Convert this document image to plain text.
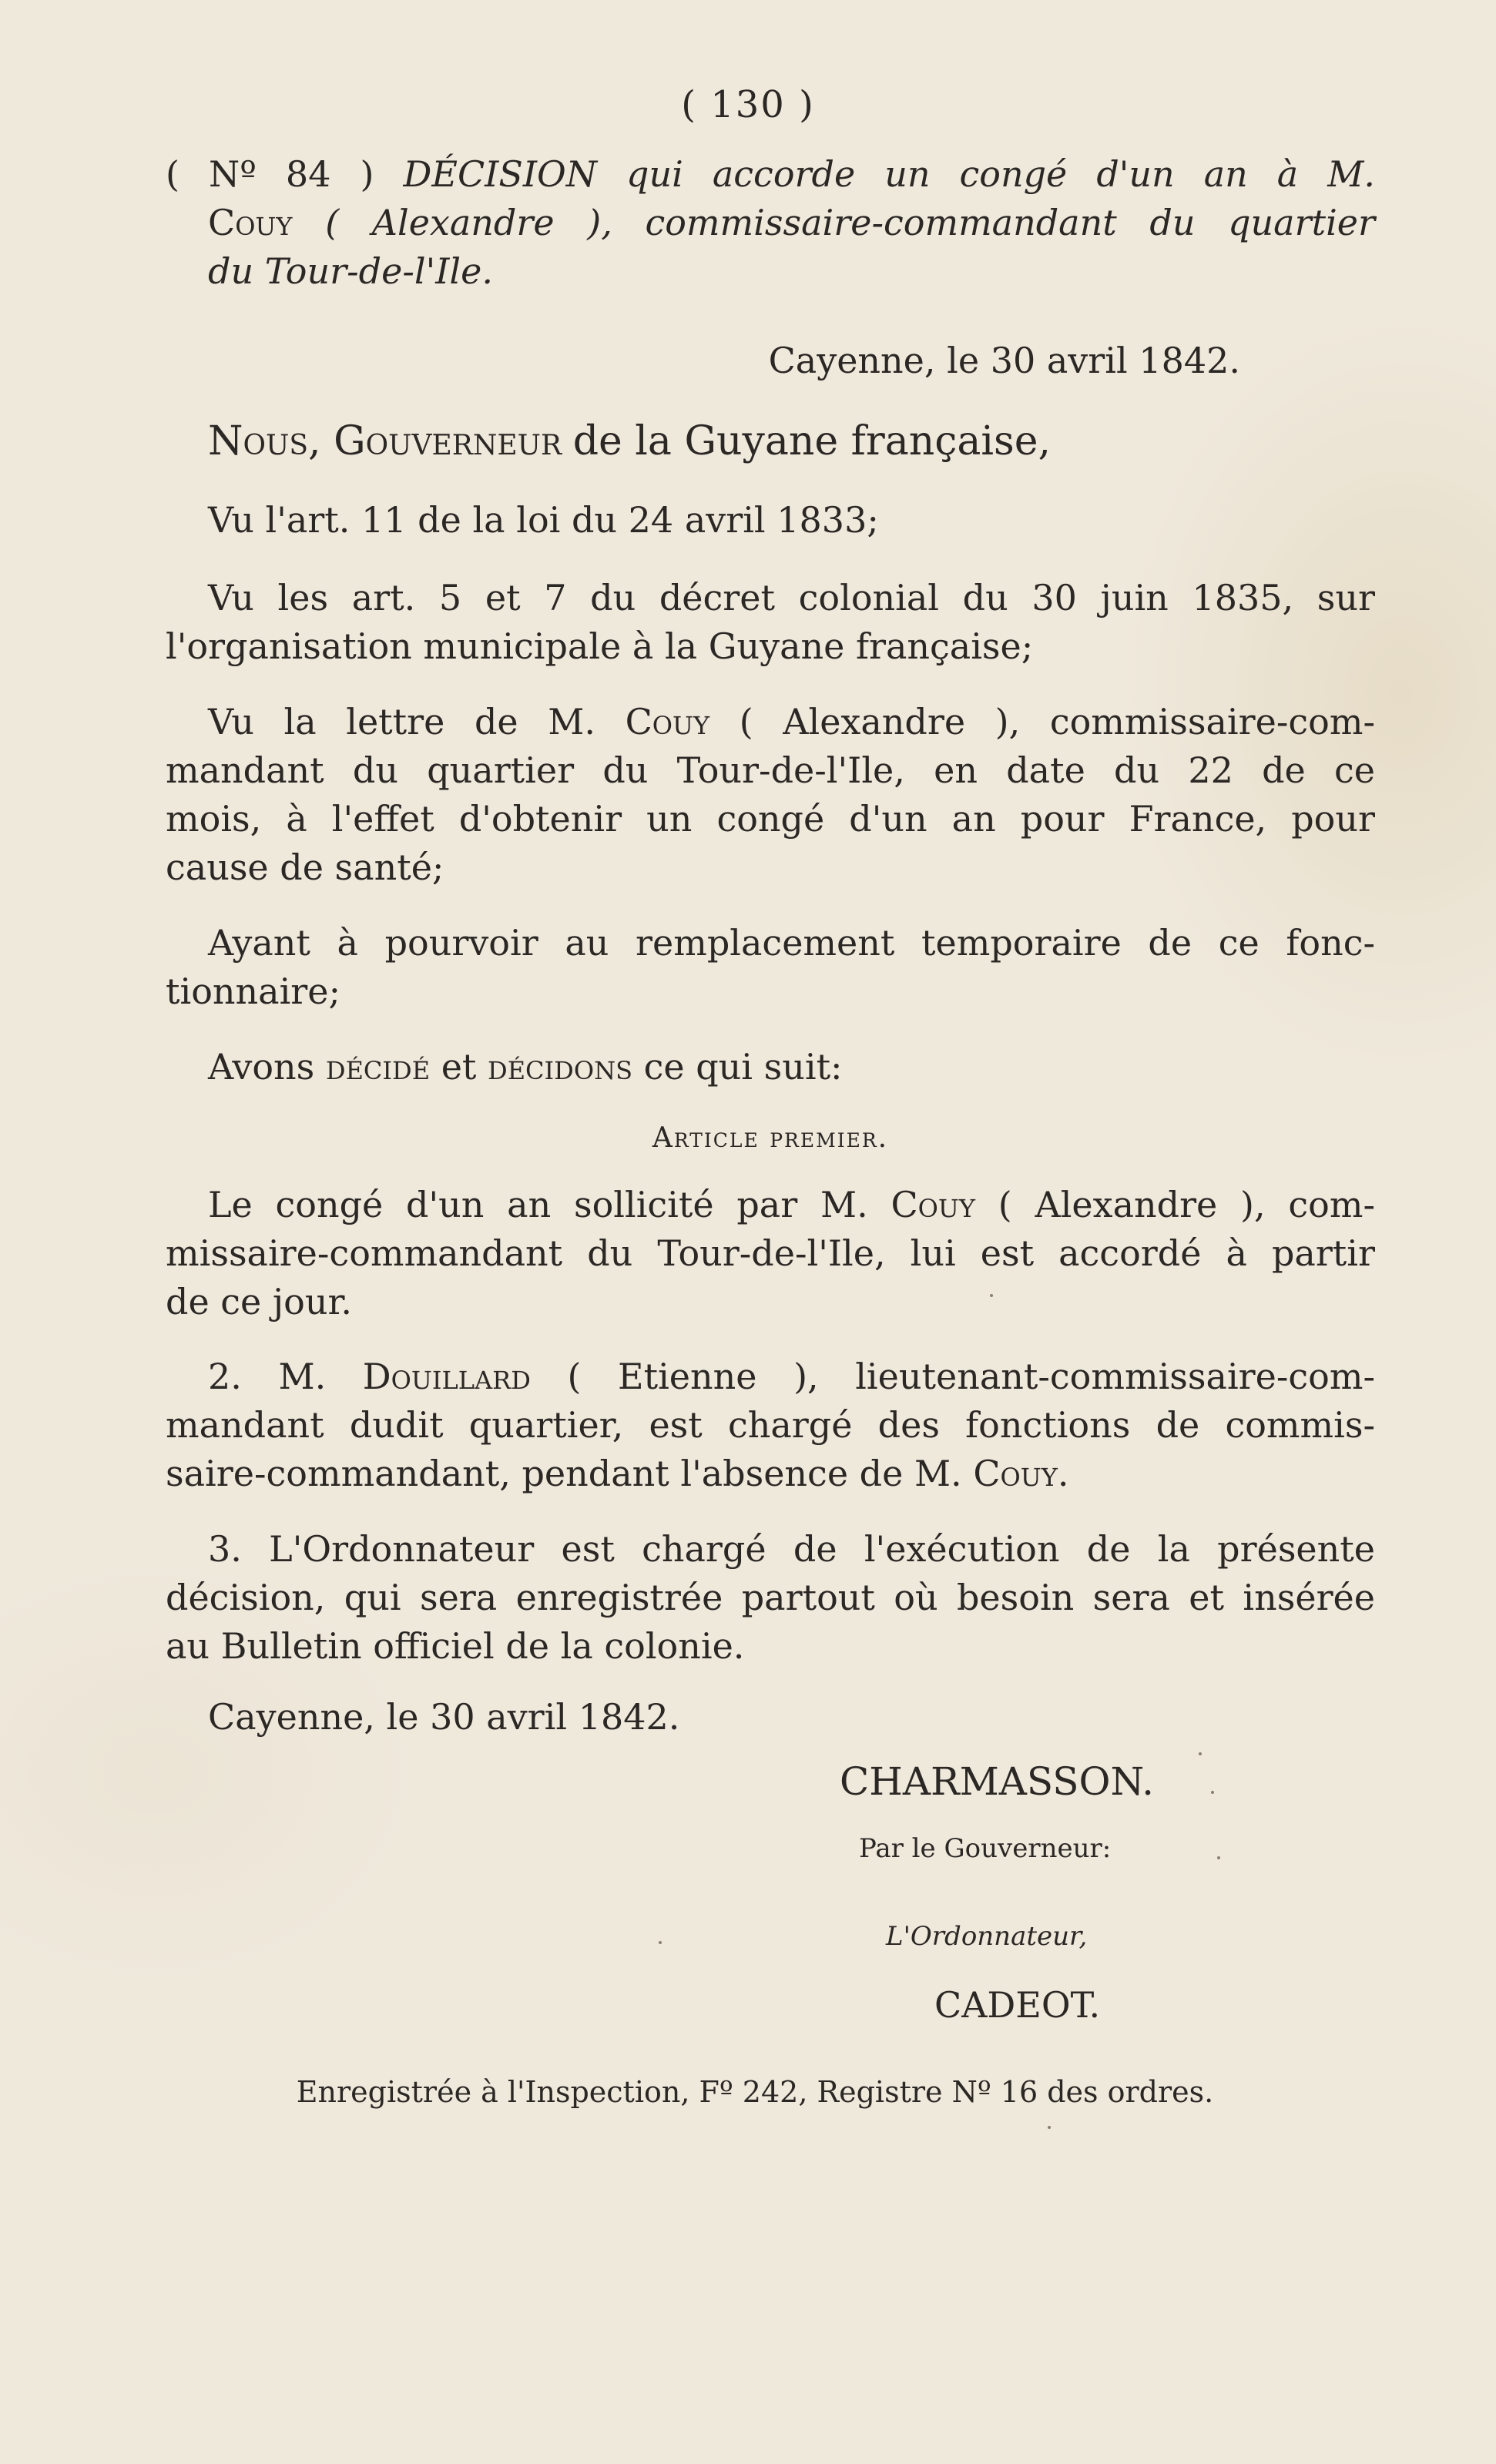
( 130 )
( Nº 84 ) DÉCISION qui accorde un congé d'un an à M.
Couy ( Alexandre ), commissaire-commandant du quartier
du Tour-de-l'Ile.

Cayenne, le 30 avril 1842.

Nous, Gouverneur de la Guyane française,

Vu l'art. 11 de la loi du 24 avril 1833;

Vu les art. 5 et 7 du décret colonial du 30 juin 1835, sur

l'organisation municipale à la Guyane française;

Vu la lettre de M. Couy ( Alexandre ), commissaire-com-

mandant du quartier du Tour-de-l'Ile, en date du 22 de ce

mois, à l'effet d'obtenir un congé d'un an pour France, pour

cause de santé;

Ayant à pourvoir au remplacement temporaire de ce fonc-

tionnaire;

Avons décidé et décidons ce qui suit:

Article premier.

Le congé d'un an sollicité par M. Couy ( Alexandre ), com-

missaire-commandant du Tour-de-l'Ile, lui est accordé à partir

de ce jour.

2. M. Douillard ( Etienne ), lieutenant-commissaire-com-

mandant dudit quartier, est chargé des fonctions de commis-

saire-commandant, pendant l'absence de M. Couy.

3. L'Ordonnateur est chargé de l'exécution de la présente

décision, qui sera enregistrée partout où besoin sera et insérée

au Bulletin officiel de la colonie.

Cayenne, le 30 avril 1842.

CHARMASSON.
Par le Gouverneur:
L'Ordonnateur,
CADEOT.
Enregistrée à l'Inspection, Fº 242, Registre Nº 16 des ordres.
